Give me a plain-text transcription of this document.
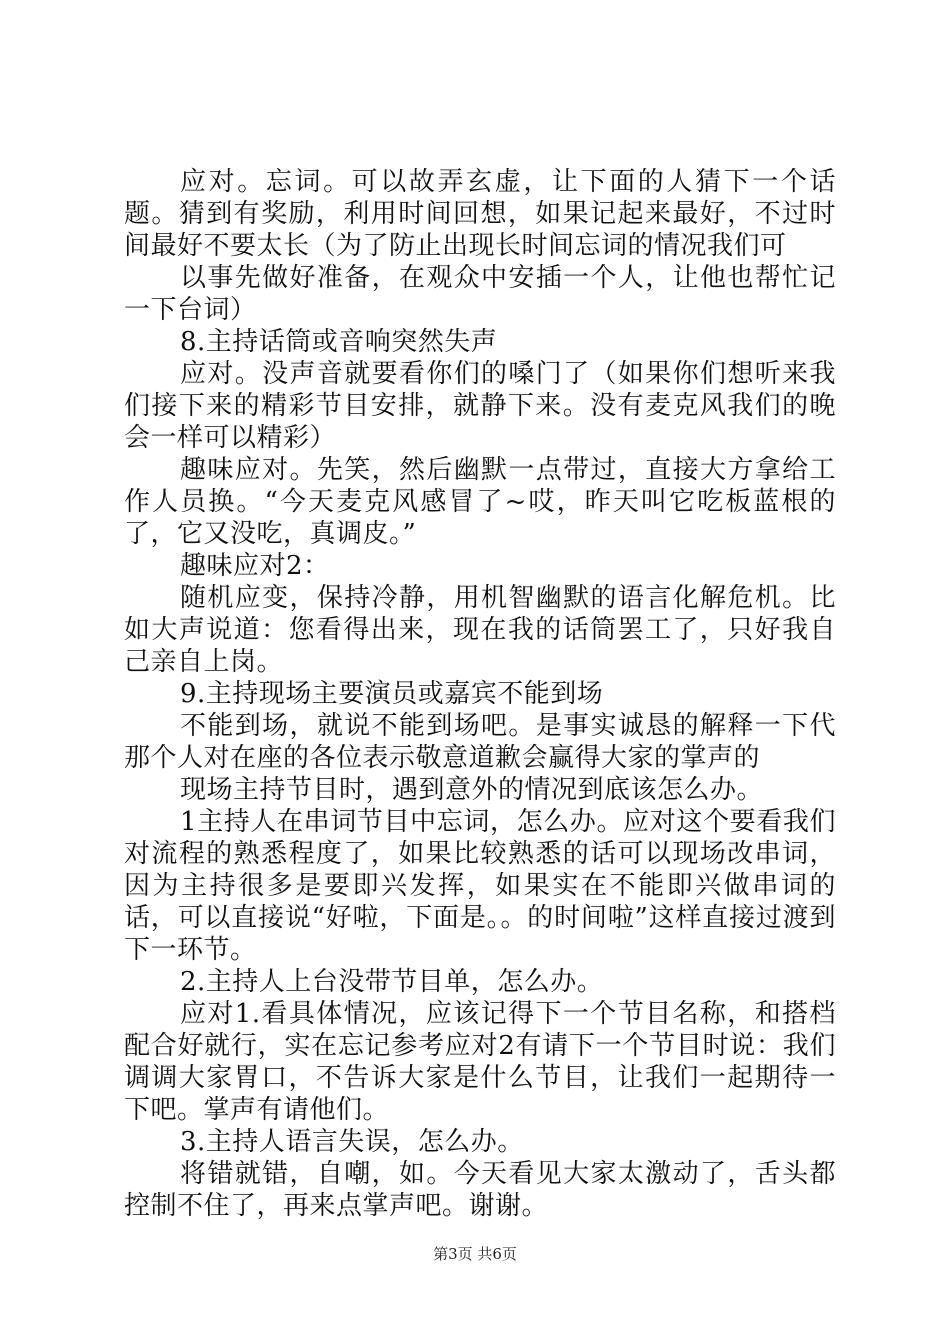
应对。忘词。可以故弄玄虚，让下面的人猜下一个话题。猜到有奖励，利用时间回想，如果记起来最好，不过时间最好不要太长（为了防止出现长时间忘词的情况我们可

以事先做好准备，在观众中安插一个人，让他也帮忙记一下台词）

8.主持话筒或音响突然失声

应对。没声音就要看你们的嗓门了（如果你们想听来我们接下来的精彩节目安排，就静下来。没有麦克风我们的晚会一样可以精彩）

趣味应对。先笑，然后幽默一点带过，直接大方拿给工作人员换。“今天麦克风感冒了~哎，昨天叫它吃板蓝根的了，它又没吃，真调皮。”

趣味应对2：

随机应变，保持冷静，用机智幽默的语言化解危机。比如大声说道：您看得出来，现在我的话筒罢工了，只好我自己亲自上岗。

9.主持现场主要演员或嘉宾不能到场

不能到场，就说不能到场吧。是事实诚恳的解释一下代那个人对在座的各位表示敬意道歉会赢得大家的掌声的

现场主持节目时，遇到意外的情况到底该怎么办。

1主持人在串词节目中忘词，怎么办。应对这个要看我们对流程的熟悉程度了，如果比较熟悉的话可以现场改串词，因为主持很多是要即兴发挥，如果实在不能即兴做串词的话，可以直接说“好啦，下面是。。的时间啦”这样直接过渡到下一环节。

2.主持人上台没带节目单，怎么办。

应对1.看具体情况，应该记得下一个节目名称，和搭档配合好就行，实在忘记参考应对2有请下一个节目时说：我们调调大家胃口，不告诉大家是什么节目，让我们一起期待一下吧。掌声有请他们。

3.主持人语言失误，怎么办。

将错就错，自嘲，如。今天看见大家太激动了，舌头都控制不住了，再来点掌声吧。谢谢。

第3页 共6页
